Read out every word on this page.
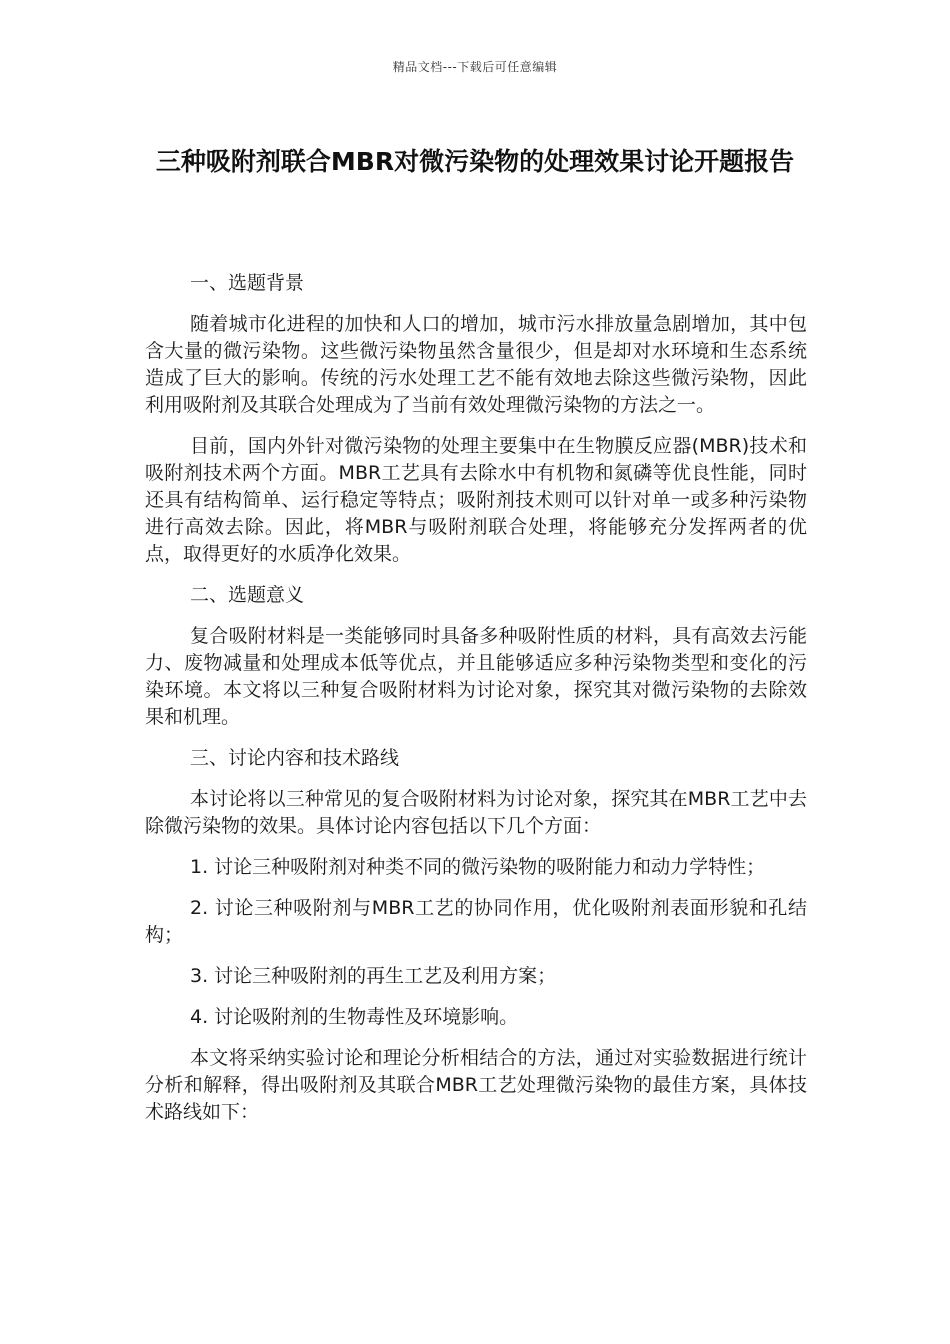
精品文档---下载后可任意编辑
三种吸附剂联合MBR对微污染物的处理效果讨论开题报告

一、选题背景

随着城市化进程的加快和人口的增加，城市污水排放量急剧增加，其中包含大量的微污染物。这些微污染物虽然含量很少，但是却对水环境和生态系统造成了巨大的影响。传统的污水处理工艺不能有效地去除这些微污染物，因此利用吸附剂及其联合处理成为了当前有效处理微污染物的方法之一。

目前，国内外针对微污染物的处理主要集中在生物膜反应器(MBR)技术和吸附剂技术两个方面。MBR工艺具有去除水中有机物和氮磷等优良性能，同时还具有结构简单、运行稳定等特点；吸附剂技术则可以针对单一或多种污染物进行高效去除。因此，将MBR与吸附剂联合处理，将能够充分发挥两者的优点，取得更好的水质净化效果。

二、选题意义

复合吸附材料是一类能够同时具备多种吸附性质的材料，具有高效去污能力、废物减量和处理成本低等优点，并且能够适应多种污染物类型和变化的污染环境。本文将以三种复合吸附材料为讨论对象，探究其对微污染物的去除效果和机理。

三、讨论内容和技术路线

本讨论将以三种常见的复合吸附材料为讨论对象，探究其在MBR工艺中去除微污染物的效果。具体讨论内容包括以下几个方面：

1. 讨论三种吸附剂对种类不同的微污染物的吸附能力和动力学特性；

2. 讨论三种吸附剂与MBR工艺的协同作用，优化吸附剂表面形貌和孔结构；

3. 讨论三种吸附剂的再生工艺及利用方案；

4. 讨论吸附剂的生物毒性及环境影响。

本文将采纳实验讨论和理论分析相结合的方法，通过对实验数据进行统计分析和解释，得出吸附剂及其联合MBR工艺处理微污染物的最佳方案，具体技术路线如下：
